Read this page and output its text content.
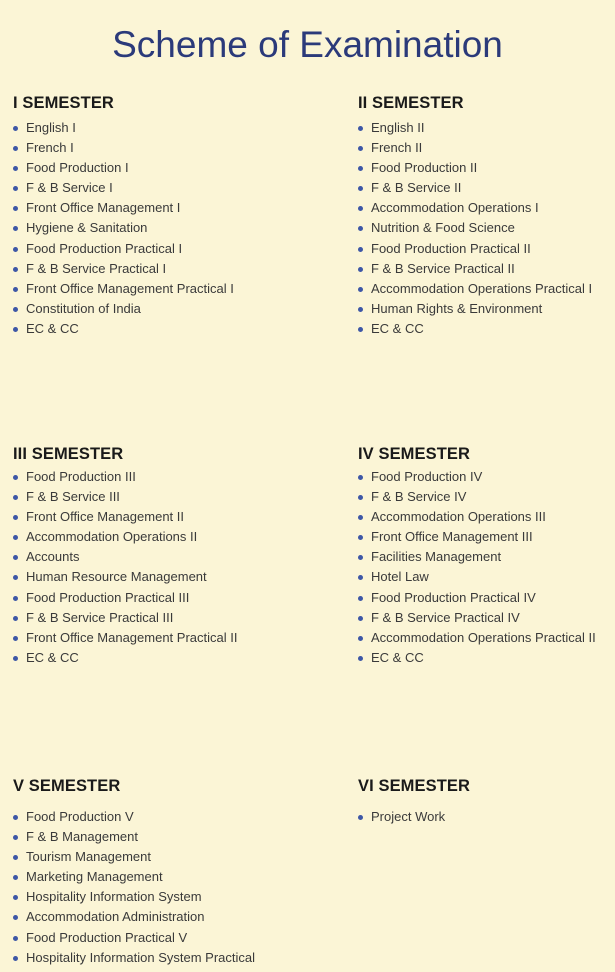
Scheme of Examination
I SEMESTER
English I
French I
Food Production I
F & B Service I
Front Office Management I
Hygiene & Sanitation
Food Production Practical I
F & B Service Practical I
Front Office Management Practical I
Constitution of India
EC & CC
II SEMESTER
English II
French II
Food Production II
F & B Service II
Accommodation Operations I
Nutrition & Food Science
Food Production Practical II
F & B Service Practical II
Accommodation Operations Practical I
Human Rights & Environment
EC & CC
III SEMESTER
Food Production III
F & B Service III
Front Office Management II
Accommodation Operations II
Accounts
Human Resource Management
Food Production Practical III
F & B Service Practical III
Front Office Management Practical II
EC & CC
IV SEMESTER
Food Production IV
F & B Service IV
Accommodation Operations III
Front Office Management III
Facilities Management
Hotel Law
Food Production Practical IV
F & B Service Practical IV
Accommodation Operations Practical II
EC & CC
V SEMESTER
Food Production V
F & B Management
Tourism Management
Marketing Management
Hospitality Information System
Accommodation Administration
Food Production Practical V
Hospitality Information System Practical
VI SEMESTER
Project Work
